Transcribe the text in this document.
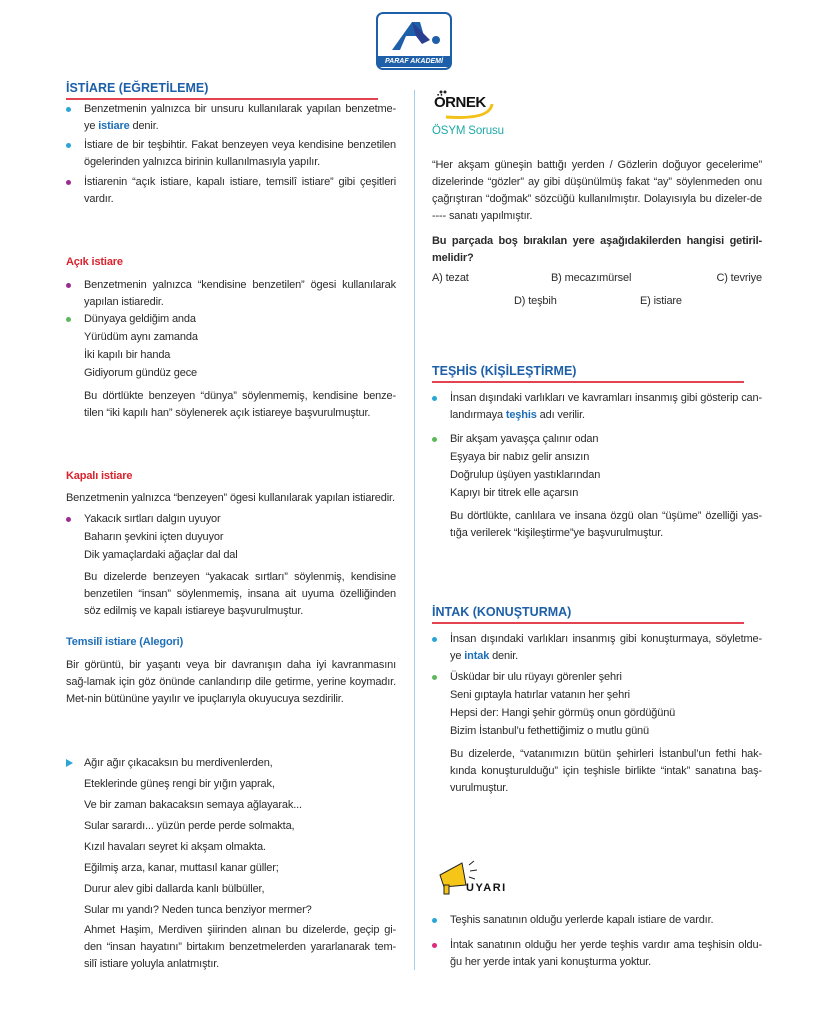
PARAF AKADEMİ
İSTİARE (EĞRETİLEME)
Benzetmenin yalnızca bir unsuru kullanılarak yapılan benzetme-ye istiare denir.
İstiare de bir teşbihtir. Fakat benzeyen veya kendisine benzetilen ögelerinden yalnızca birinin kullanılmasıyla yapılır.
İstiarenin “açık istiare, kapalı istiare, temsilî istiare” gibi çeşitleri vardır.
Açık istiare
Benzetmenin yalnızca “kendisine benzetilen” ögesi kullanılarak yapılan istiaredir.
Dünyaya geldiğim anda
Yürüdüm aynı zamanda
İki kapılı bir handa
Gidiyorum gündüz gece
Bu dörtlükte benzeyen “dünya” söylenmemiş, kendisine benze-tilen “iki kapılı han” söylenerek açık istiareye başvurulmuştur.
Kapalı istiare
Benzetmenin yalnızca “benzeyen” ögesi kullanılarak yapılan istiaredir.
Yakacık sırtları dalgın uyuyor
Baharın şevkini içten duyuyor
Dik yamaçlardaki ağaçlar dal dal
Bu dizelerde benzeyen “yakacak sırtları” söylenmiş, kendisine benzetilen “insan” söylenmemiş, insana ait uyuma özelliğinden söz edilmiş ve kapalı istiareye başvurulmuştur.
Temsilî istiare (Alegori)
Bir görüntü, bir yaşantı veya bir davranışın daha iyi kavranmasını sağ-lamak için göz önünde canlandırıp dile getirme, yerine koymadır. Met-nin bütününe yayılır ve ipuçlarıyla okuyucuya sezdirilir.
Ağır ağır çıkacaksın bu merdivenlerden,
Eteklerinde güneş rengi bir yığın yaprak,
Ve bir zaman bakacaksın semaya ağlayarak...
Sular sarardı... yüzün perde perde solmakta,
Kızıl havaları seyret ki akşam olmakta.
Eğilmiş arza, kanar, muttasıl kanar güller;
Durur alev gibi dallarda kanlı bülbüller,
Sular mı yandı? Neden tunca benziyor mermer?
Ahmet Haşim, Merdiven şiirinden alınan bu dizelerde, geçip gi-den “insan hayatını” birtakım benzetmelerden yararlanarak tem-silî istiare yoluyla anlatmıştır.
ÖRNEK
ÖSYM Sorusu
“Her akşam güneşin battığı yerden / Gözlerin doğuyor gecelerime” dizelerinde “gözler” ay gibi düşünülmüş fakat “ay” söylenmeden onu çağrıştıran “doğmak” sözcüğü kullanılmıştır. Dolayısıyla bu dizeler-de ---- sanatı yapılmıştır.
Bu parçada boş bırakılan yere aşağıdakilerden hangisi getiril-melidir?
A) tezat	B) mecazımürsel	C) tevriye
D) teşbih	E) istiare
TEŞHİS (KİŞİLEŞTİRME)
İnsan dışındaki varlıkları ve kavramları insanmış gibi gösterip can-landırmaya teşhis adı verilir.
Bir akşam yavaşça çalınır odan
Eşyaya bir nabız gelir ansızın
Doğrulup üşüyen yastıklarından
Kapıyı bir titrek elle açarsın
Bu dörtlükte, canlılara ve insana özgü olan “üşüme” özelliği yas-tığa verilerek “kişileştirme”ye başvurulmuştur.
İNTAK (KONUŞTURMA)
İnsan dışındaki varlıkları insanmış gibi konuşturmaya, söyletme-ye intak denir.
Üsküdar bir ulu rüyayı görenler şehri
Seni gıptayla hatırlar vatanın her şehri
Hepsi der: Hangi şehir görmüş onun gördüğünü
Bizim İstanbul’u fethettiğimiz o mutlu günü
Bu dizelerde, “vatanımızın bütün şehirleri İstanbul’un fethi hak-kında konuşturulduğu” için teşhisle birlikte “intak” sanatına baş-vurulmuştur.
UYARI
Teşhis sanatının olduğu yerlerde kapalı istiare de vardır.
İntak sanatının olduğu her yerde teşhis vardır ama teşhisin oldu-ğu her yerde intak yani konuşturma yoktur.
